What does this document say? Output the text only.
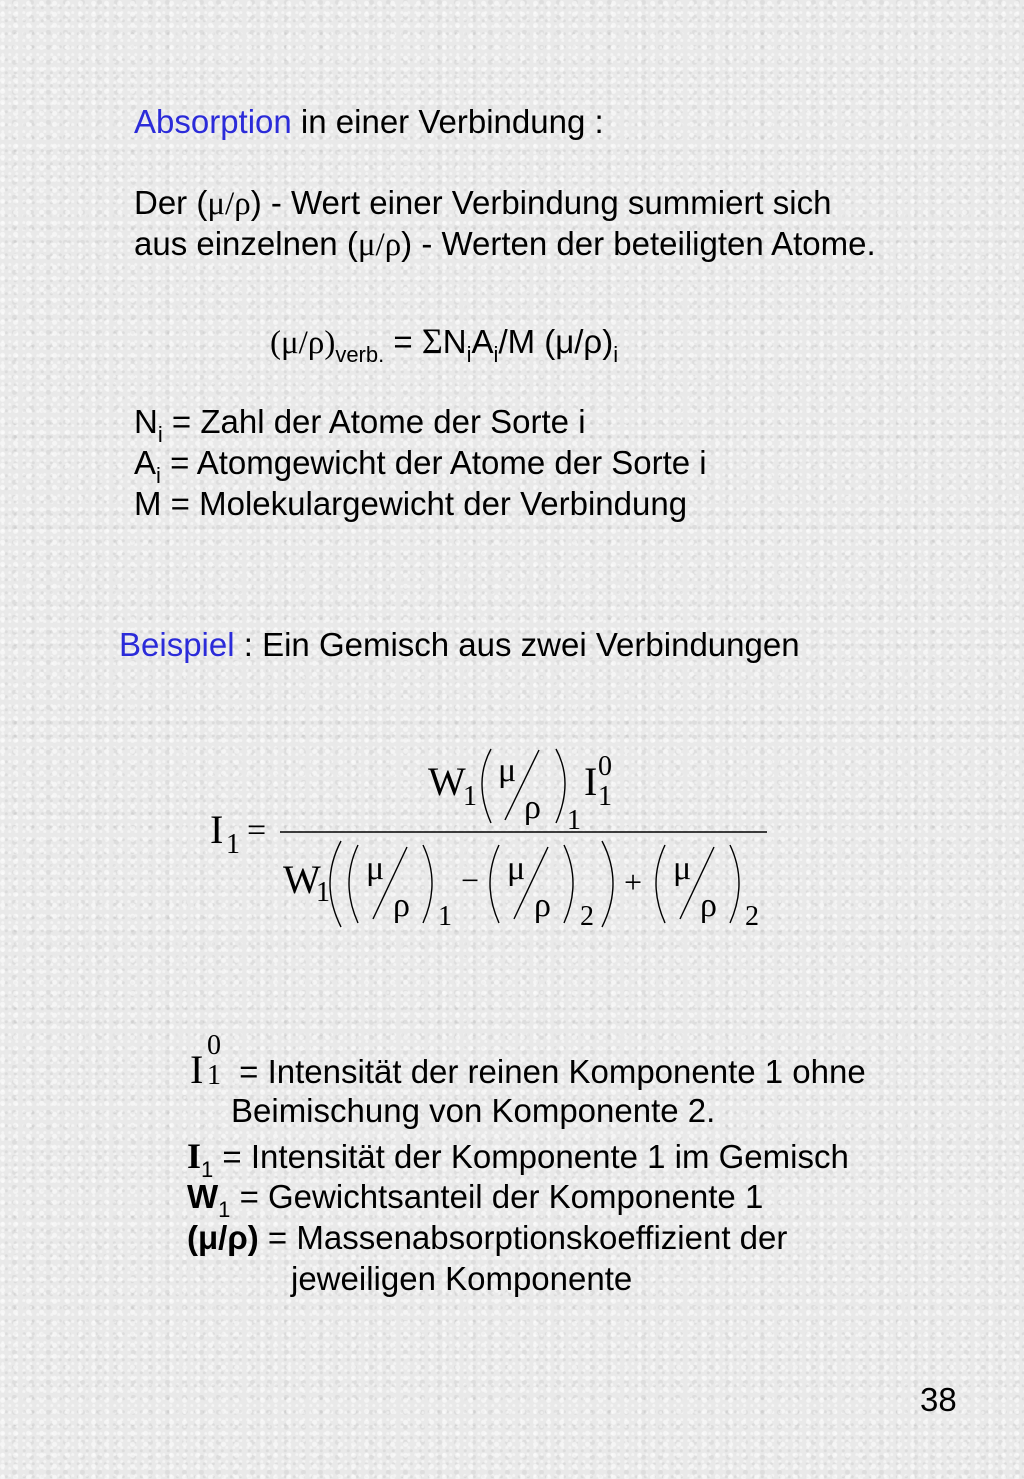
Absorption in einer Verbindung :
Der (μ/ρ) - Wert einer Verbindung summiert sich
aus einzelnen (μ/ρ) - Werten der beteiligten Atome.
$(\mu/\rho)_{verb.} = \Sigma N_iA_i/M$ $(\mu/\rho)_i$
$N_i$ = Zahl der Atome der Sorte i
$A_i$ = Atomgewicht der Atome der Sorte i
M = Molekulargewicht der Verbindung
Beispiel : Ein Gemisch aus zwei Verbindungen
I 1 =
W
1
μ
ρ 1
I 0
1
W
1
μ
ρ 1
− μ
ρ 2
+ μ
ρ 2
I
0
1 = Intensität der reinen Komponente 1 ohne
Beimischung von Komponente 2.
$I_1$ = Intensität der Komponente 1 im Gemisch
$W_1$ = Gewichtsanteil der Komponente 1
(μ/ρ) = Massenabsorptionskoeffizient der
jeweiligen Komponente
38
